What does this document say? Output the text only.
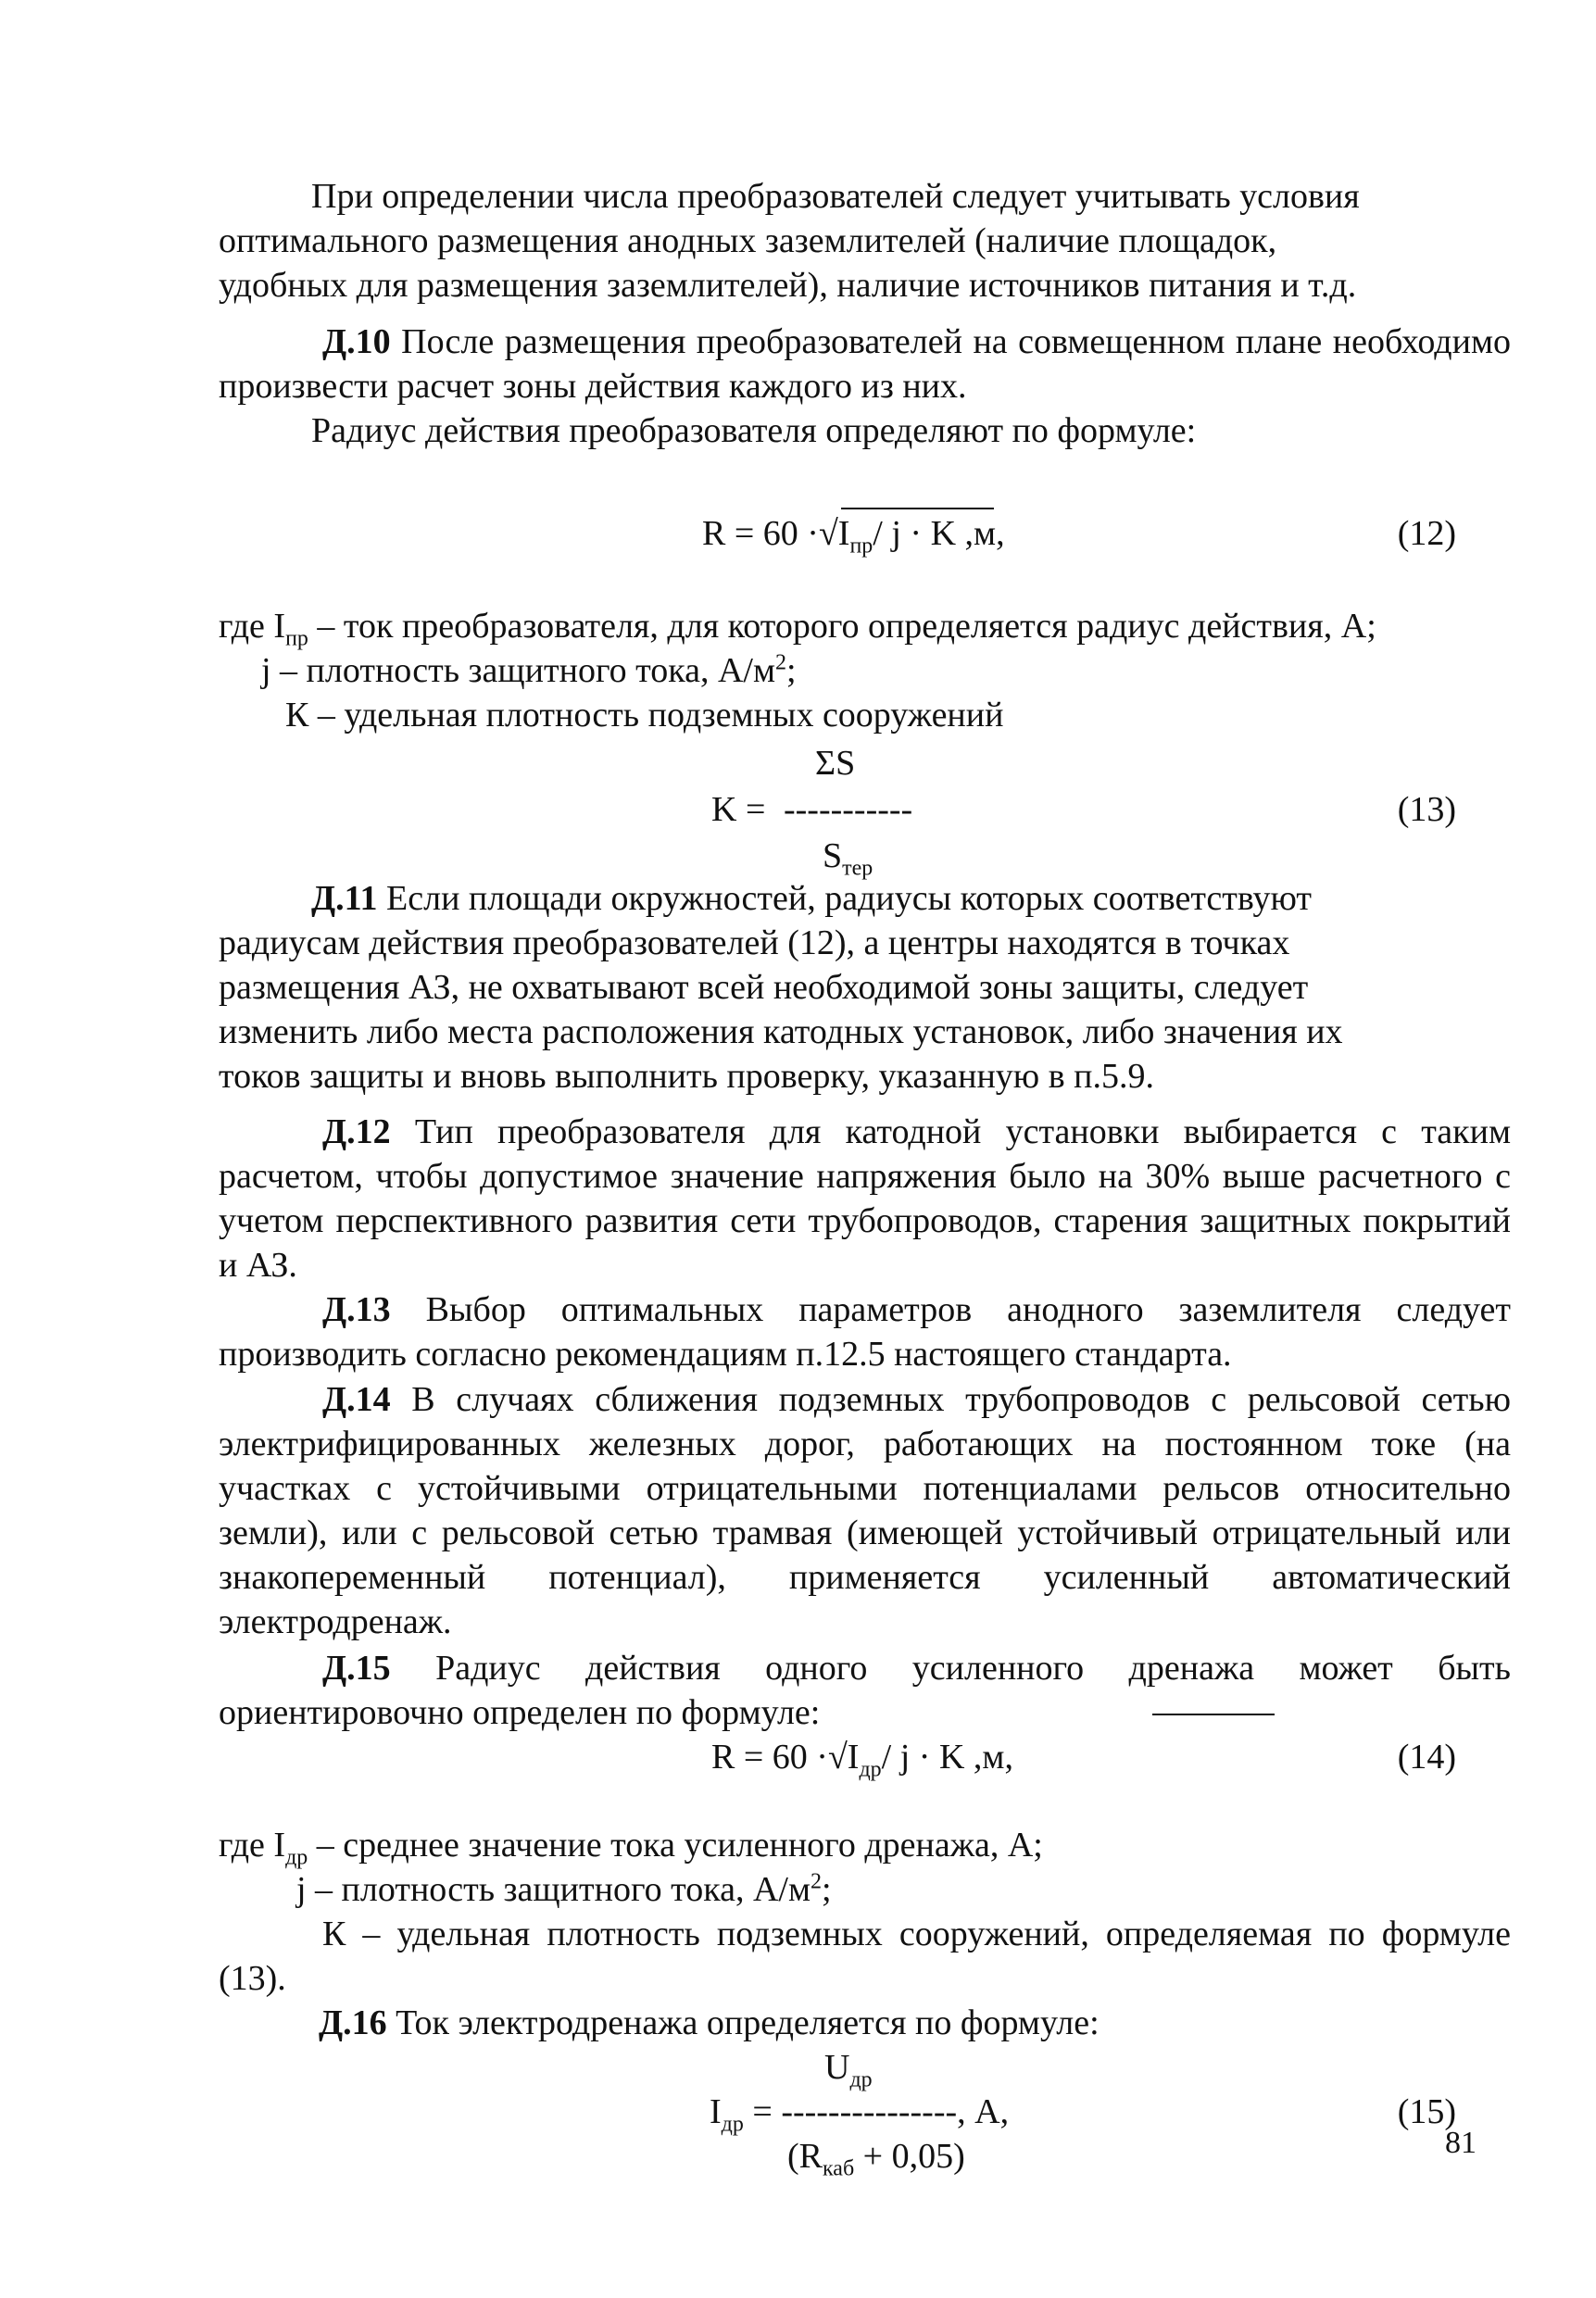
При определении числа преобразователей следует учитывать условия

оптимального размещения анодных заземлителей (наличие площадок,

удобных для размещения заземлителей), наличие источников питания и т.д.

Д.10 После размещения преобразователей на совмещенном плане необходимо произвести расчет зоны действия каждого из них.

Радиус действия преобразователя определяют по формуле:

$R = 60 \cdot√I_{пр}/$ j · K ,м,	(12)

где $I_{пр}$ – ток преобразователя, для которого определяется радиус действия, А;

j – плотность защитного тока, $А/м^2$;

К – удельная плотность подземных сооружений

ΣS
K = -----------
$S_{тер}$
(13)

Д.11 Если площади окружностей, радиусы которых соответствуют

радиусам действия преобразователей (12), а центры находятся в точках

размещения АЗ, не охватывают всей необходимой зоны защиты, следует

изменить либо места расположения катодных установок, либо значения их

токов защиты и вновь выполнить проверку, указанную в п.5.9.

Д.12 Тип преобразователя для катодной установки выбирается с таким расчетом, чтобы допустимое значение напряжения было на 30% выше расчетного с учетом перспективного развития сети трубопроводов, старения защитных покрытий и АЗ.

Д.13 Выбор оптимальных параметров анодного заземлителя следует производить согласно рекомендациям п.12.5 настоящего стандарта.

Д.14 В случаях сближения подземных трубопроводов с рельсовой сетью электрифицированных железных дорог, работающих на постоянном токе (на участках с устойчивыми отрицательными потенциалами рельсов относительно земли), или с рельсовой сетью трамвая (имеющей устойчивый отрицательный или знакопеременный потенциал), применяется усиленный автоматический электродренаж.

Д.15 Радиус действия одного усиленного дренажа может быть

ориентировочно определен по формуле:

$R = 60 \cdot√I_{др}/$ j · K ,м,	(14)

где $I_{др}$ – среднее значение тока усиленного дренажа, А;

j – плотность защитного тока, $А/м^2$;

К – удельная плотность подземных сооружений, определяемая по формуле (13).

Д.16 Ток электродренажа определяется по формуле:

$U_{др}$
$I_{др}$ = ---------------, А,
$(R_{каб} + 0,05)$
(15)
81
